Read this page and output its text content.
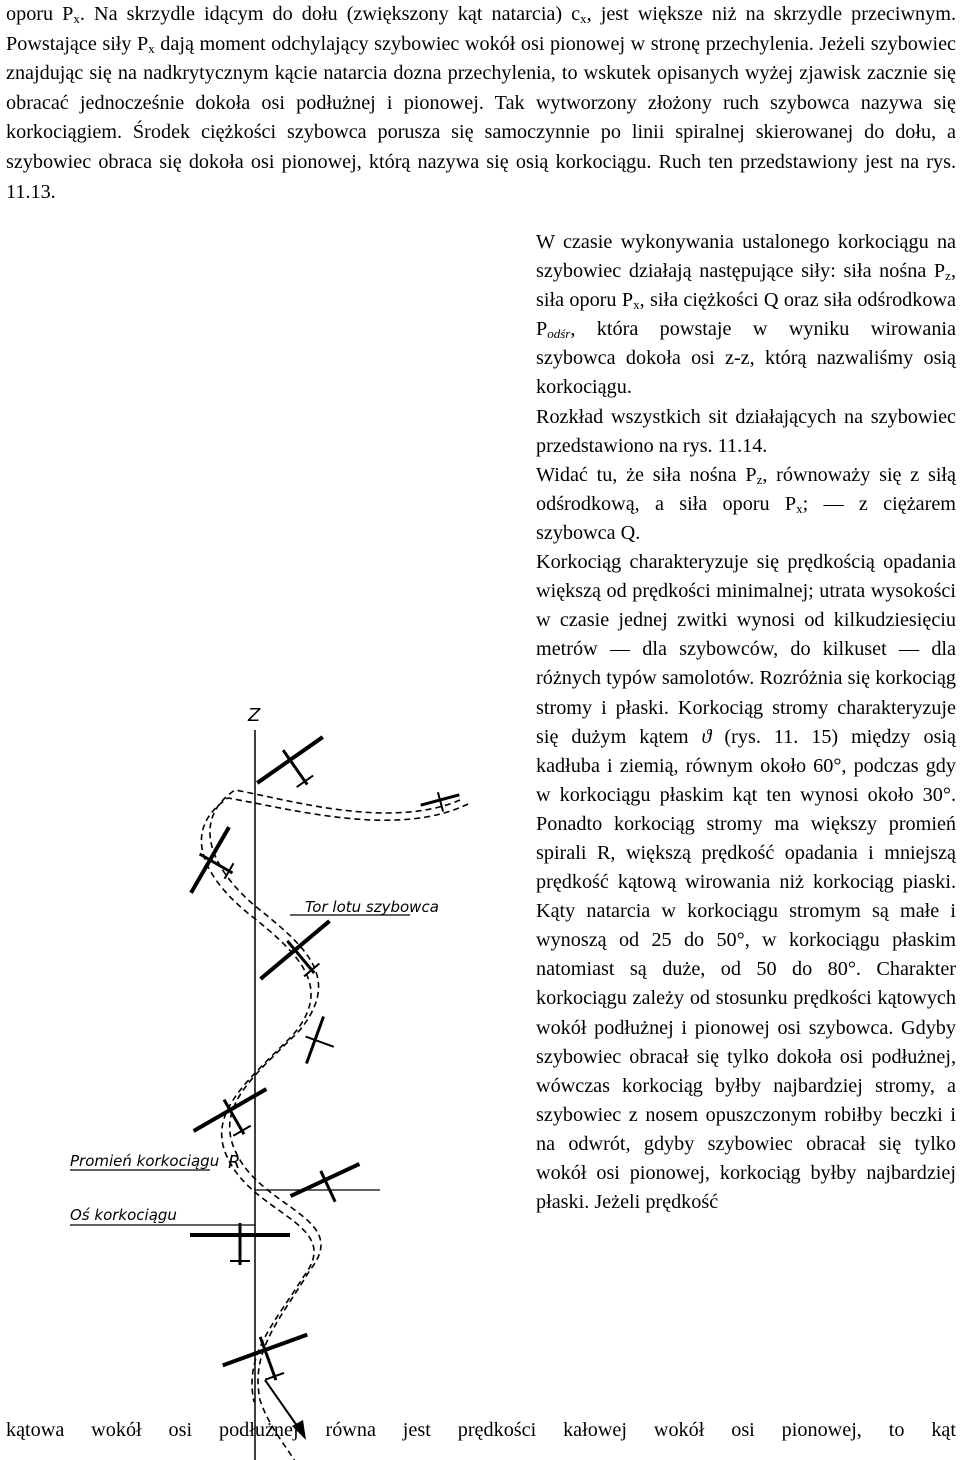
oporu $P_x$. Na skrzydle idącym do dołu (zwiększony kąt natarcia) $c_x$, jest większe niż na skrzydle przeciwnym. Powstające siły $P_x$ dają moment odchylający szybowiec wokół osi pionowej w stronę przechylenia. Jeżeli szybowiec znajdując się na nadkrytycznym kącie natarcia dozna przechylenia, to wskutek opisanych wyżej zjawisk zacznie się obracać jednocześnie dokoła osi podłużnej i pionowej. Tak wytworzony złożony ruch szybowca nazywa się korkociągiem. Środek ciężkości szybowca porusza się samoczynnie po linii spiralnej skierowanej do dołu, a szybowiec obraca się dokoła osi pionowej, którą nazywa się osią korkociągu. Ruch ten przedstawiony jest na rys. 11.13.

W czasie wykonywania ustalonego korkociągu na szybowiec działają następujące siły: siła nośna $P_z$, siła oporu $P_x$, siła ciężkości Q oraz siła odśrodkowa $P_{odśr}$, która powstaje w wyniku wirowania szybowca dokoła osi z-z, którą nazwaliśmy osią korkociągu.

Rozkład wszystkich sit działających na szybowiec przedstawiono na rys. 11.14.

Widać tu, że siła nośna $P_z$, równoważy się z siłą odśrodkową, a siła oporu $P_x$; — z ciężarem szybowca Q.

Korkociąg charakteryzuje się prędkością opadania większą od prędkości minimalnej; utrata wysokości w czasie jednej zwitki wynosi od kilkudziesięciu metrów — dla szybowców, do kilkuset — dla różnych typów samolotów. Rozróżnia się korkociąg stromy i płaski. Korkociąg stromy charakteryzuje się dużym kątem ϑ (rys. 11. 15) między osią kadłuba i ziemią, równym około 60°, podczas gdy w korkociągu płaskim kąt ten wynosi około 30°. Ponadto korkociąg stromy ma większy promień spirali R, większą prędkość opadania i mniejszą prędkość kątową wirowania niż korkociąg piaski. Kąty natarcia w korkociągu stromym są małe i wynoszą od 25 do 50°, w korkociągu płaskim natomiast są duże, od 50 do 80°. Charakter korkociągu zależy od stosunku prędkości kątowych wokół podłużnej i pionowej osi szybowca. Gdyby szybowiec obracał się tylko dokoła osi podłużnej, wówczas korkociąg byłby najbardziej stromy, a szybowiec z nosem opuszczonym robiłby beczki i na odwrót, gdyby szybowiec obracał się tylko wokół osi pionowej, korkociąg byłby najbardziej płaski. Jeżeli prędkość

Z
Tor lotu szybowca
Promień korkociągu R
Oś korkociągu
kątowa wokół osi podłużnej równa jest prędkości kałowej wokół osi pionowej, to kąt
